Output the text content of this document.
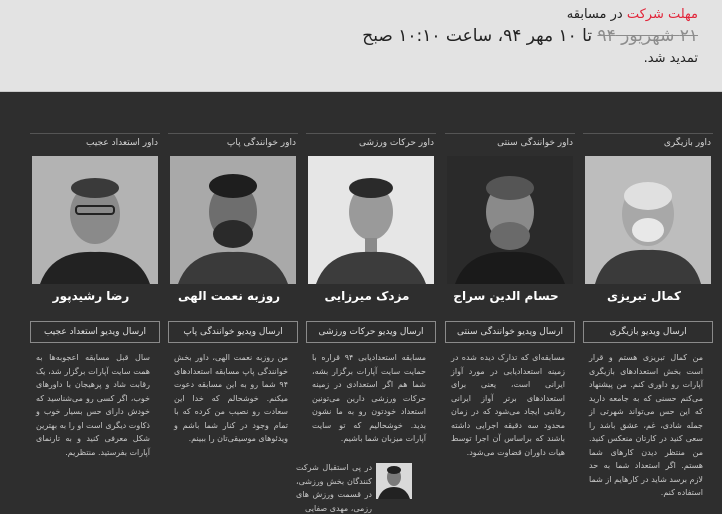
مهلت شرکت در مسابقه
۲۱ شهریور ۹۴ تا ۱۰ مهر ۹۴، ساعت ۱۰:۱۰ صبح
تمدید شد.
داور بازیگری
کمال تبریزی
ارسال ویدیو بازیگری
من کمال تبریزی هستم و قرار است بخش استعدادهای بازیگری آپارات رو داوری کنم. من پیشنهاد می‌کنم حسنی که به جامعه دارید که این حس می‌تواند شهرتی از جمله شادی، غم، عشق باشد را سعی کنید در کارتان منعکس کنید. من منتظر دیدن کارهای شما هستم. اگر استعداد شما به حد لازم برسد شاید در کارهایم از شما استفاده کنم.
داور خوانندگی سنتی
حسام الدین سراج
ارسال ویدیو خوانندگی سنتی
مسابقه‌ای که تدارک دیده شده در زمینه استعدادیابی در مورد آواز ایرانی است، یعنی برای استعدادهای برتر آواز ایرانی رقابتی ایجاد می‌شود که در زمان محدود سه دقیقه اجرایی داشته باشند که براساس آن اجرا توسط هیات داوران قضاوت می‌شود.
داور حرکات ورزشی
مزدک میرزایی
ارسال ویدیو حرکات ورزشی
مسابقه استعدادیابی ۹۴ قراره با حمایت سایت آپارات برگزار بشه، شما هم اگر استعدادی در زمینه حرکات ورزشی دارین می‌تونین استعداد خودتون رو به ما نشون بدید. خوشحالیم که تو سایت آپارات میزبان شما باشیم.
داور خوانندگی پاپ
روزبه نعمت الهی
ارسال ویدیو خوانندگی پاپ
من روزبه نعمت الهی، داور بخش خوانندگی پاپ مسابقه استعدادهای ۹۴ شما رو به این مسابقه دعوت میکنم. خوشحالم که خدا این سعادت رو نصیب من کرده که با تمام وجود در کنار شما باشم و ویدئوهای موسیقی‌تان را ببینم.
داور استعداد عجیب
رضا رشیدپور
ارسال ویدیو استعداد عجیب
سال قبل مسابقه اعجوبه‌ها به همت سایت آپارات برگزار شد، یک رقابت شاد و پرهیجان با داورهای خوب، اگر کسی رو می‌شناسید که خودش دارای حس بسیار خوب و ذکاوت دیگری است او را به بهترین شکل معرفی کنید و به تارنمای آپارات بفرستید. منتظریم.
در پی استقبال شرکت کنندگان بخش ورزشی، در قسمت ورزش های رزمی، مهدی صفایی
